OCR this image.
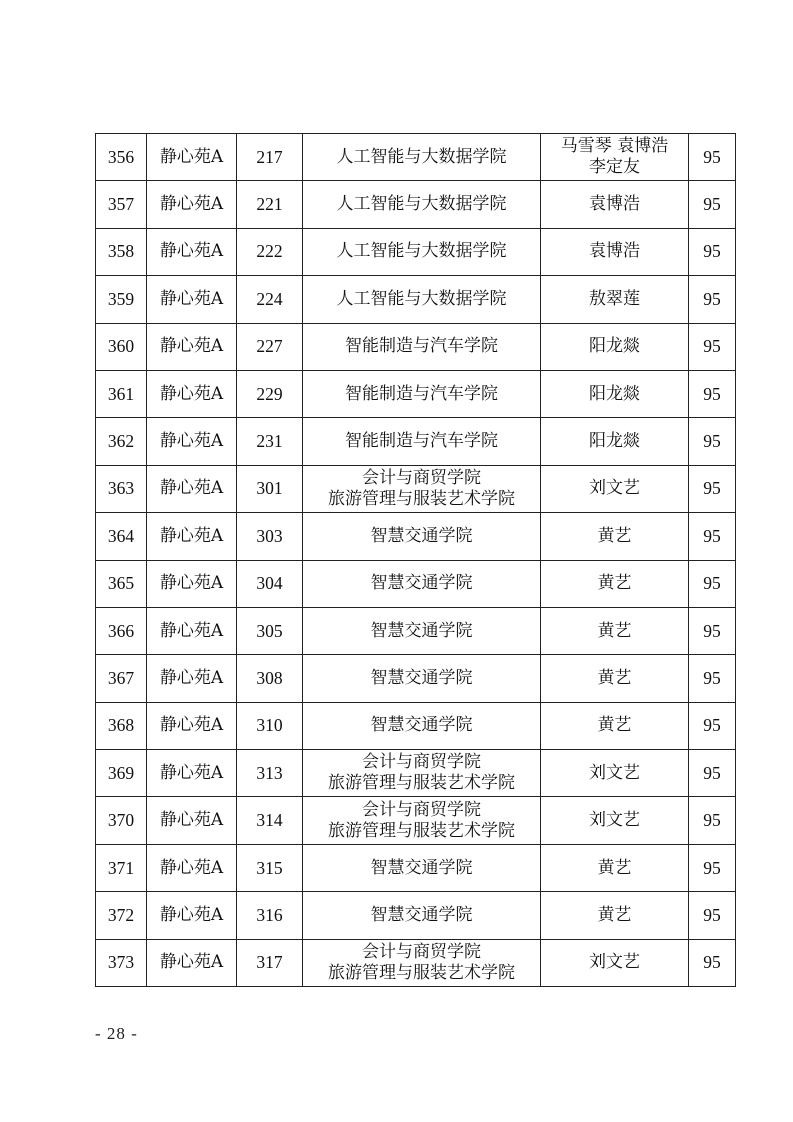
356	静心苑A	217	人工智能与大数据学院	马雪琴 袁博浩
李定友	95
357	静心苑A	221	人工智能与大数据学院	袁博浩	95
358	静心苑A	222	人工智能与大数据学院	袁博浩	95
359	静心苑A	224	人工智能与大数据学院	敖翠莲	95
360	静心苑A	227	智能制造与汽车学院	阳龙燚	95
361	静心苑A	229	智能制造与汽车学院	阳龙燚	95
362	静心苑A	231	智能制造与汽车学院	阳龙燚	95
363	静心苑A	301	会计与商贸学院
旅游管理与服装艺术学院	刘文艺	95
364	静心苑A	303	智慧交通学院	黄艺	95
365	静心苑A	304	智慧交通学院	黄艺	95
366	静心苑A	305	智慧交通学院	黄艺	95
367	静心苑A	308	智慧交通学院	黄艺	95
368	静心苑A	310	智慧交通学院	黄艺	95
369	静心苑A	313	会计与商贸学院
旅游管理与服装艺术学院	刘文艺	95
370	静心苑A	314	会计与商贸学院
旅游管理与服装艺术学院	刘文艺	95
371	静心苑A	315	智慧交通学院	黄艺	95
372	静心苑A	316	智慧交通学院	黄艺	95
373	静心苑A	317	会计与商贸学院
旅游管理与服装艺术学院	刘文艺	95
- 28 -
